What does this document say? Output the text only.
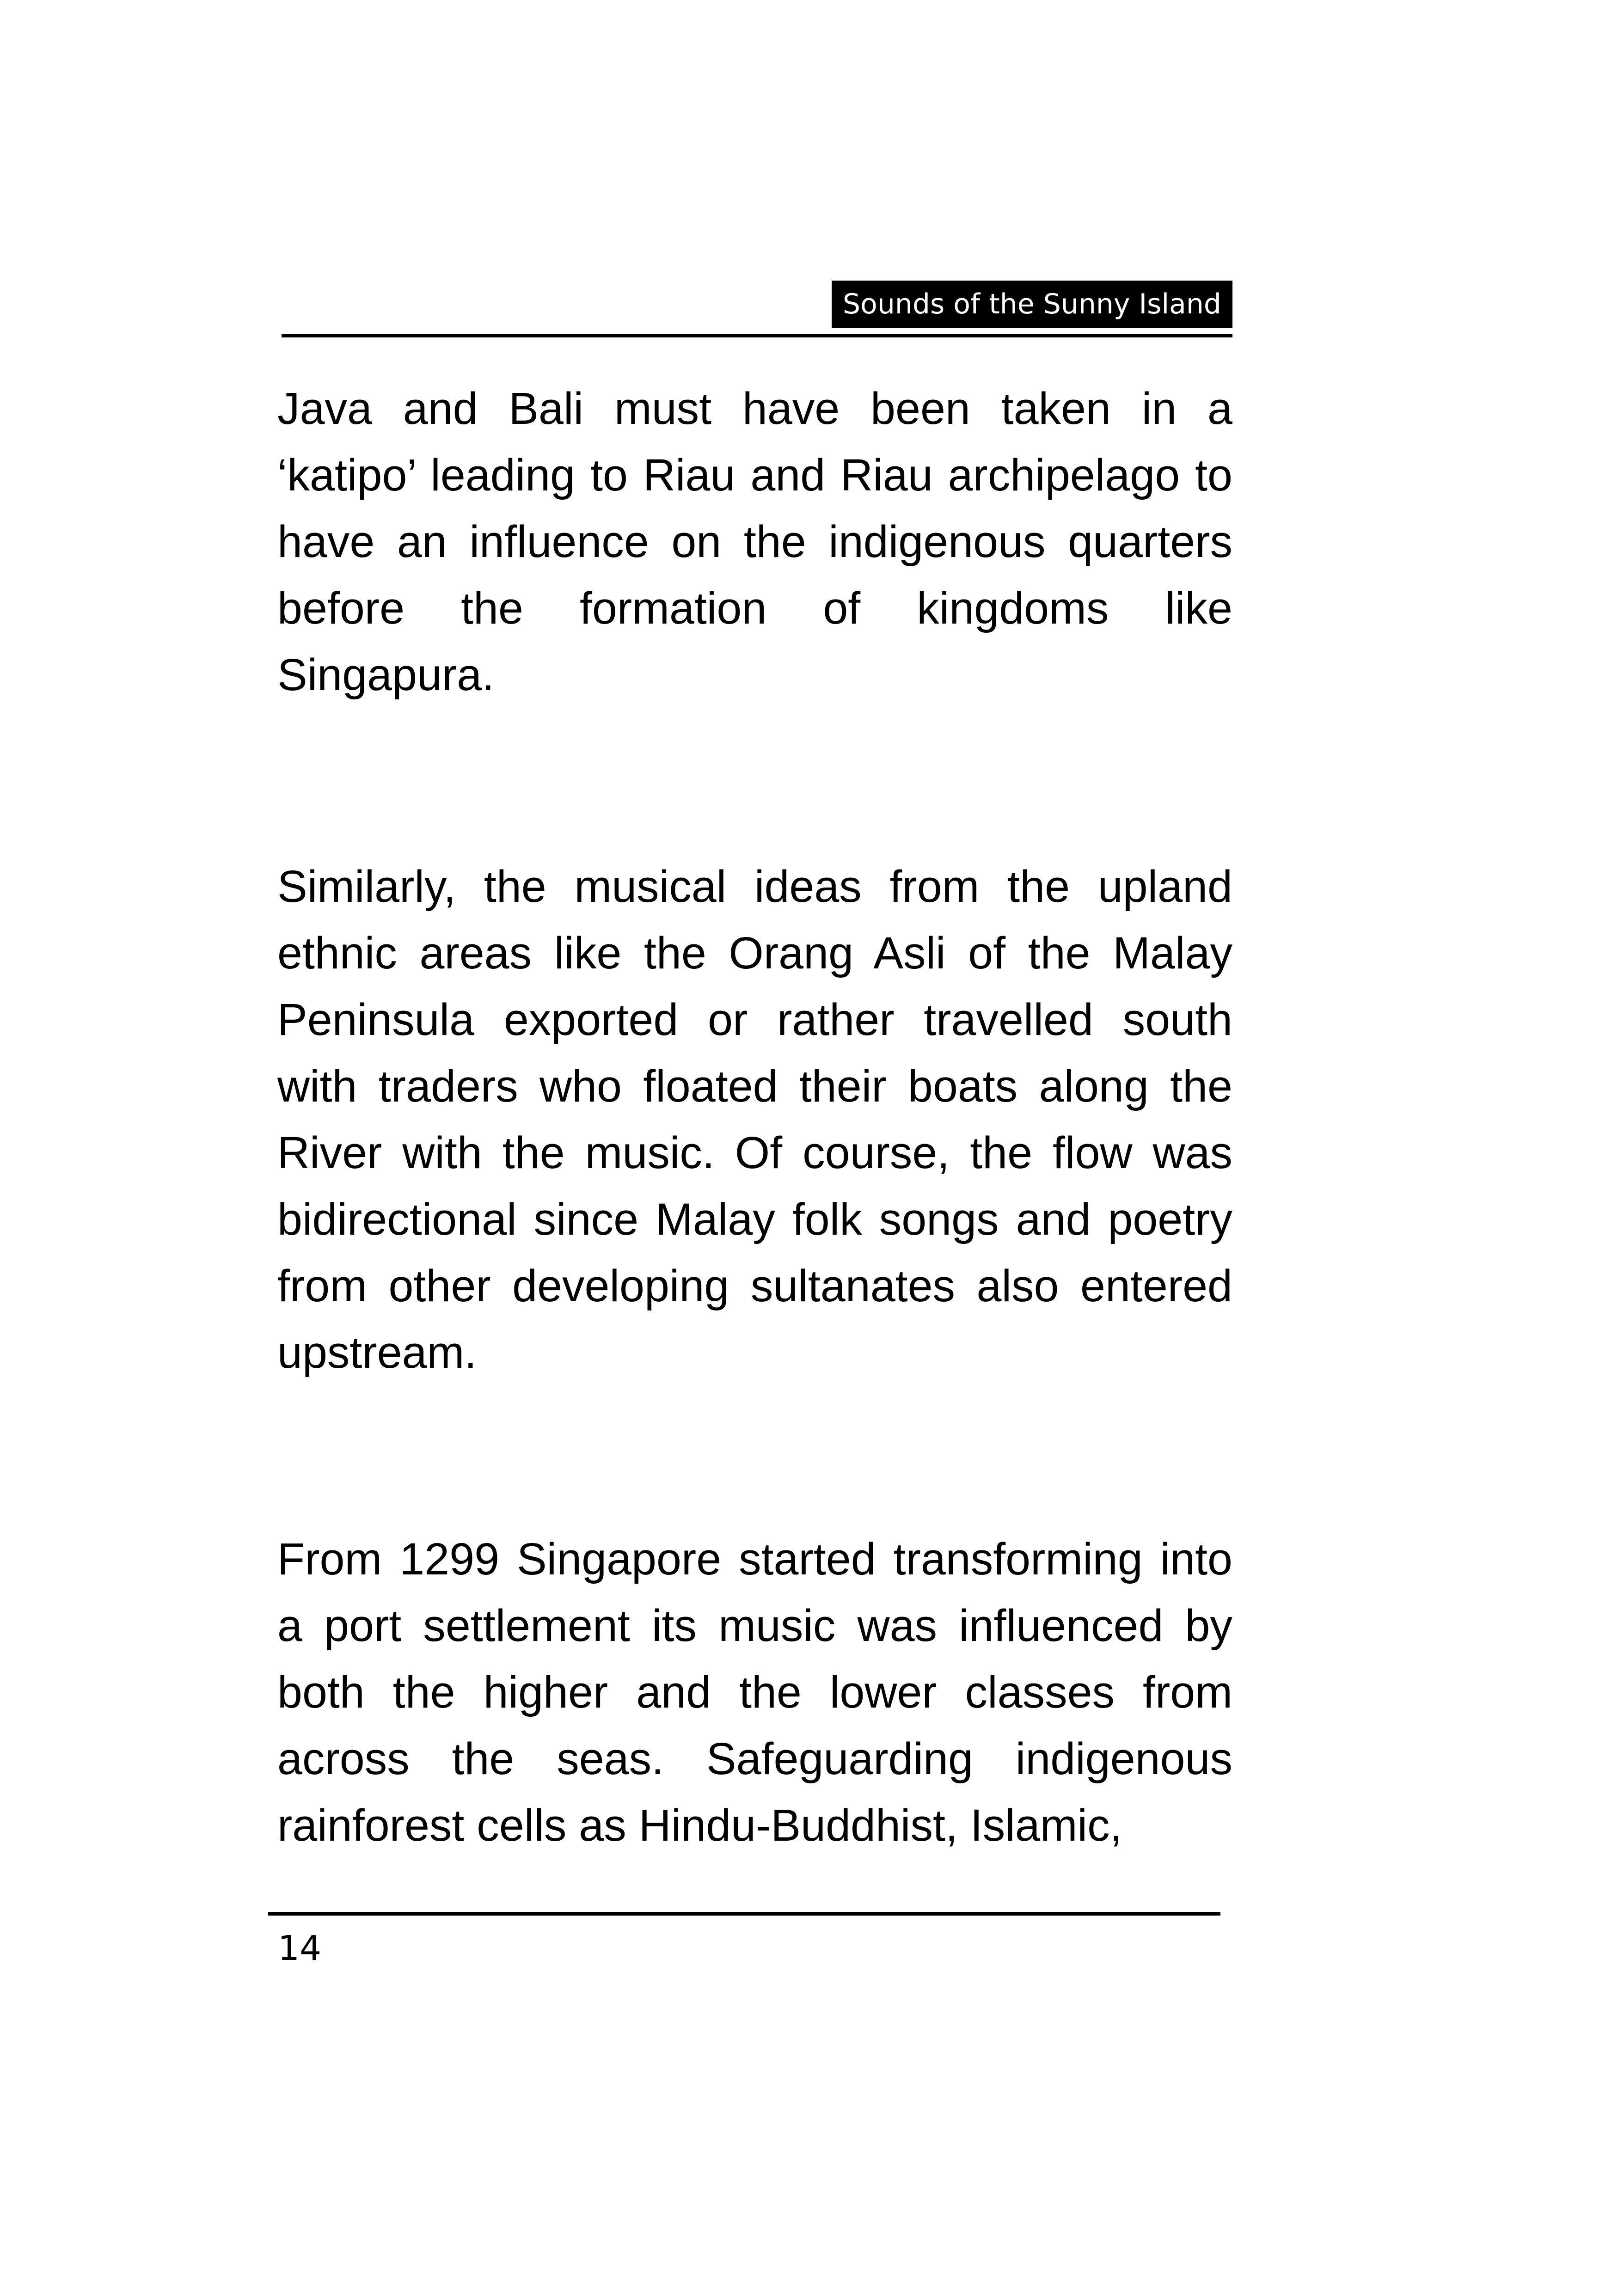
Sounds of the Sunny Island

Java and Bali must have been taken in a ‘katipo’ leading to Riau and Riau archipelago to have an influence on the indigenous quarters before the formation of kingdoms like Singapura.

Similarly, the musical ideas from the upland ethnic areas like the Orang Asli of the Malay Peninsula exported or rather travelled south with traders who floated their boats along the River with the music. Of course, the flow was bidirectional since Malay folk songs and poetry from other developing sultanates also entered upstream.

From 1299 Singapore started transforming into a port settlement its music was influenced by both the higher and the lower classes from across the seas. Safeguarding indigenous rainforest cells as Hindu-Buddhist, Islamic,

14
